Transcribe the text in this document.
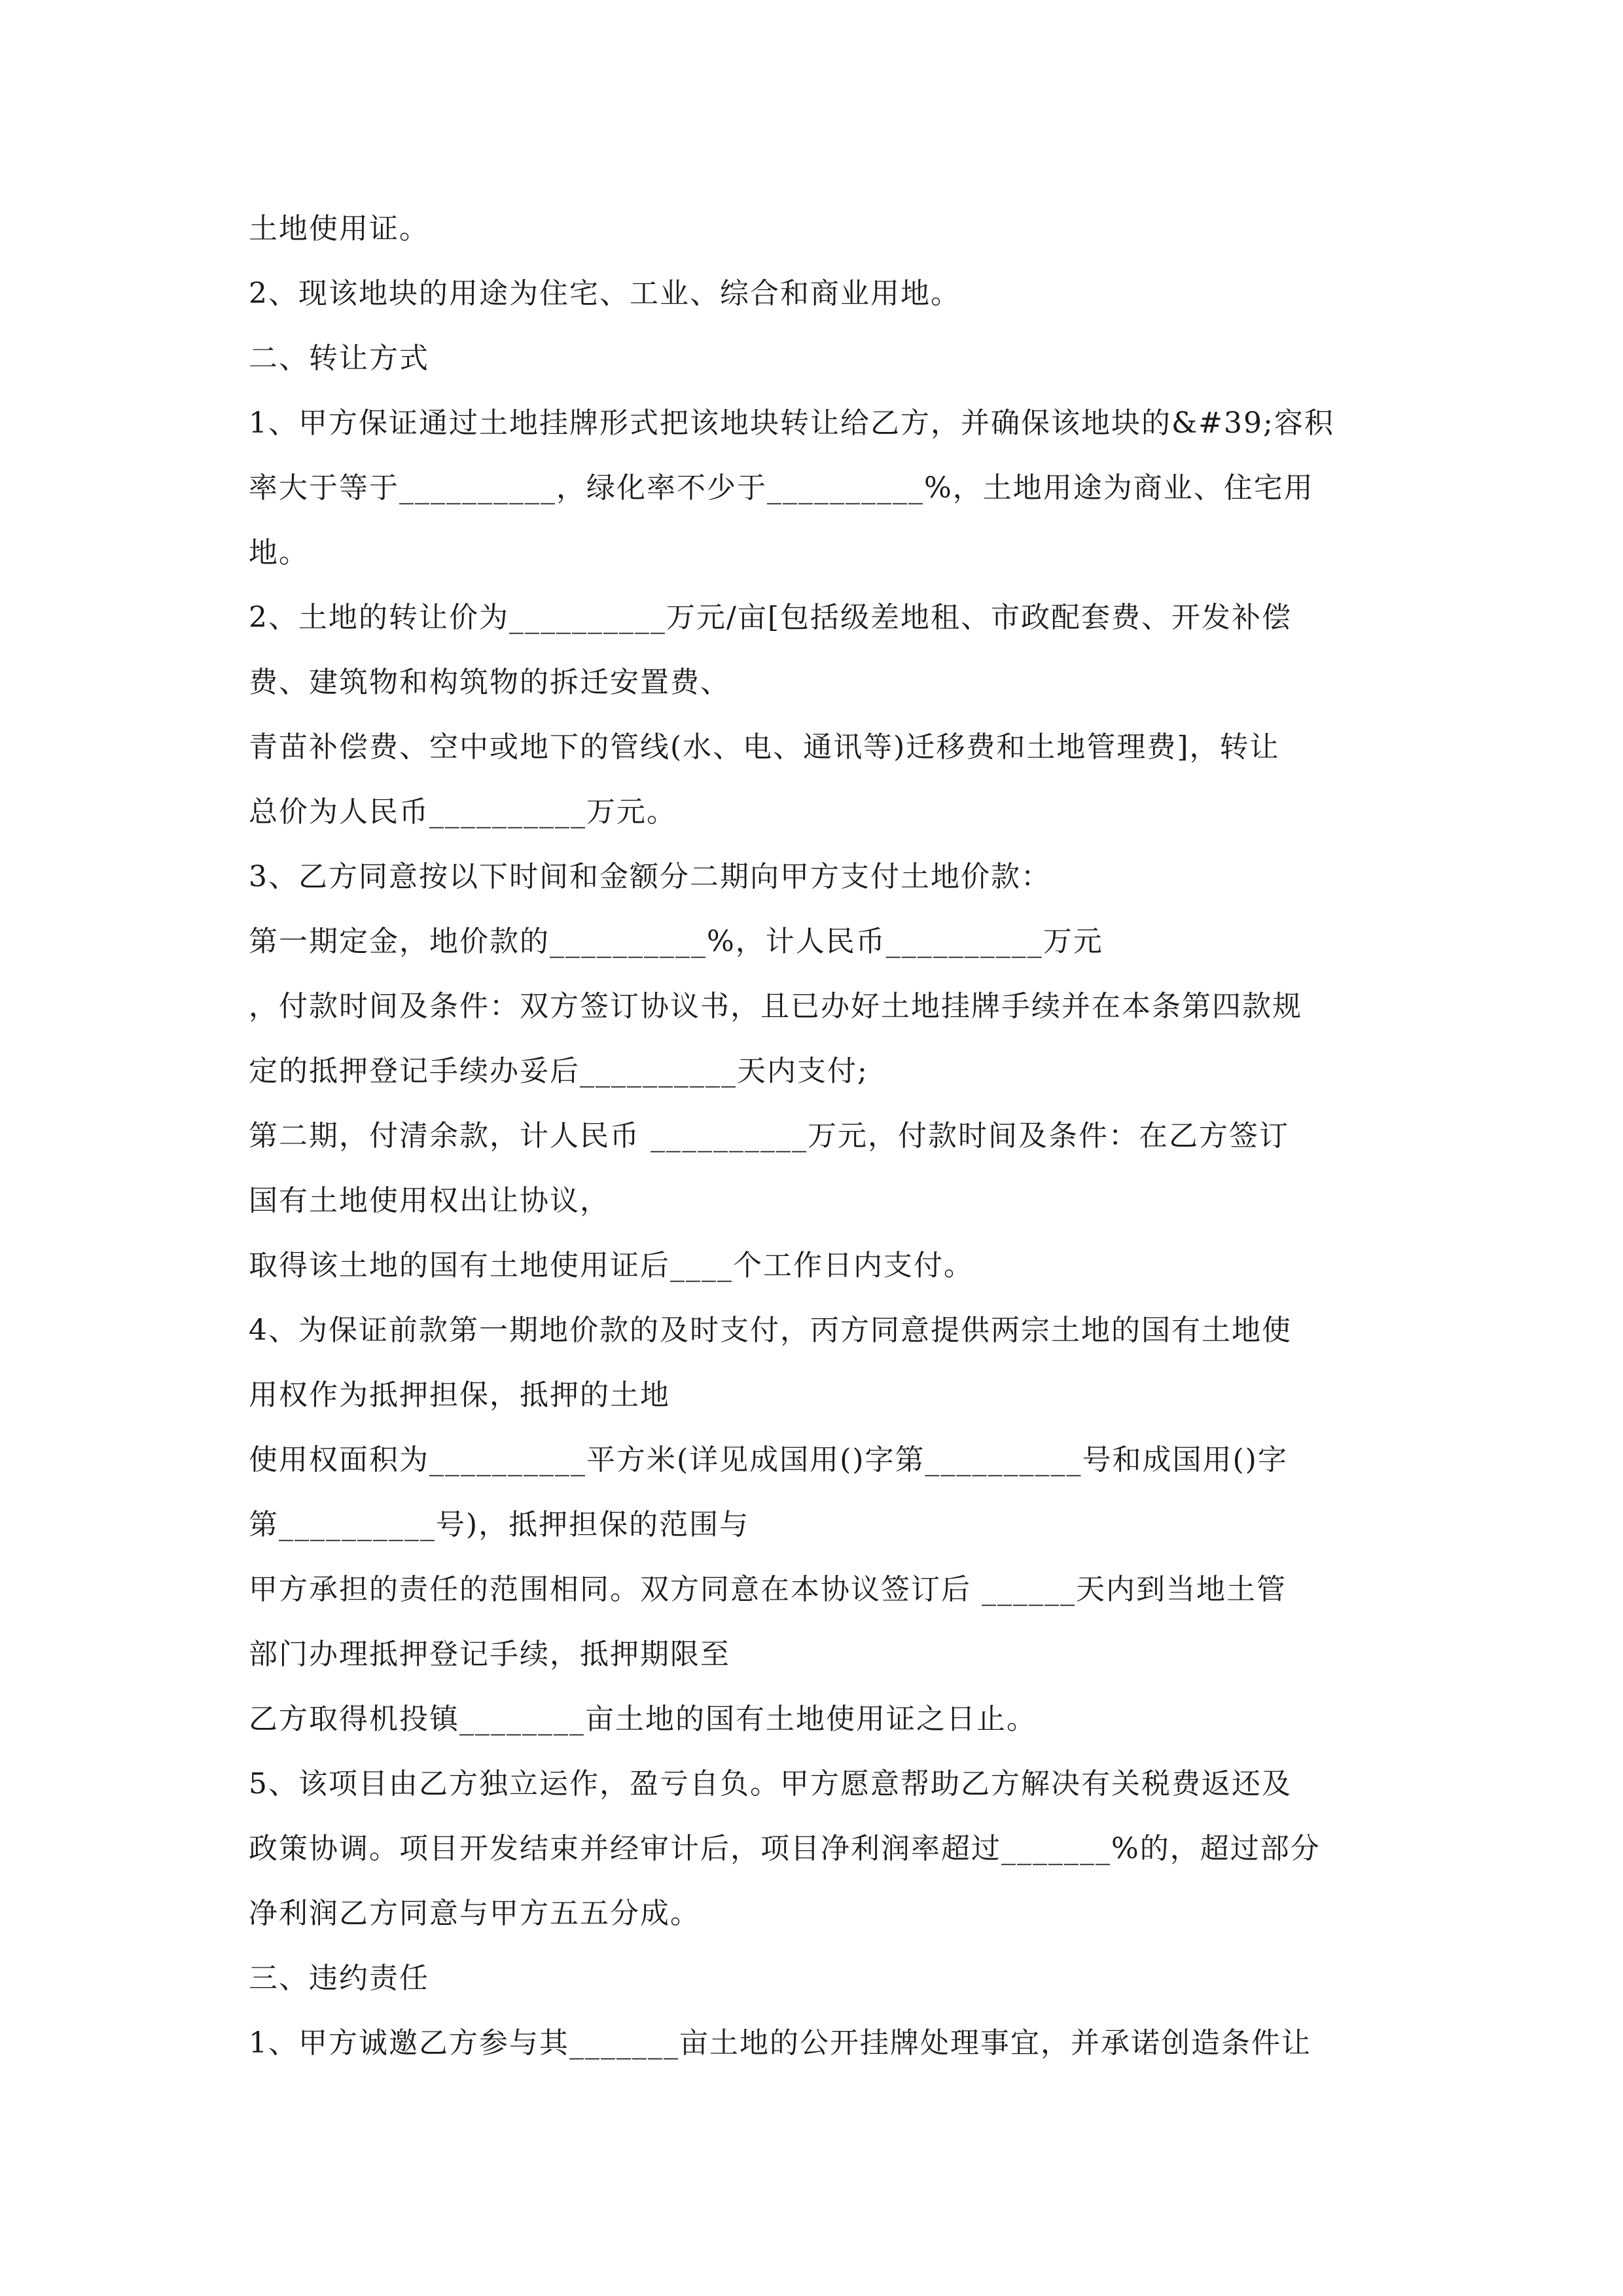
土地使用证。
2、现该地块的用途为住宅、工业、综合和商业用地。
二、转让方式
1、甲方保证通过土地挂牌形式把该地块转让给乙方，并确保该地块的&#39;容积
率大于等于__________，绿化率不少于__________%，土地用途为商业、住宅用
地。
2、土地的转让价为__________万元/亩[包括级差地租、市政配套费、开发补偿
费、建筑物和构筑物的拆迁安置费、
青苗补偿费、空中或地下的管线(水、电、通讯等)迁移费和土地管理费]，转让
总价为人民币__________万元。
3、乙方同意按以下时间和金额分二期向甲方支付土地价款：
第一期定金，地价款的__________%，计人民币__________万元
，付款时间及条件：双方签订协议书，且已办好土地挂牌手续并在本条第四款规
定的抵押登记手续办妥后__________天内支付;
第二期，付清余款，计人民币 __________万元，付款时间及条件：在乙方签订
国有土地使用权出让协议，
取得该土地的国有土地使用证后____个工作日内支付。
4、为保证前款第一期地价款的及时支付，丙方同意提供两宗土地的国有土地使
用权作为抵押担保，抵押的土地
使用权面积为__________平方米(详见成国用()字第__________号和成国用()字
第__________号)，抵押担保的范围与
甲方承担的责任的范围相同。双方同意在本协议签订后 ______天内到当地土管
部门办理抵押登记手续，抵押期限至
乙方取得机投镇________亩土地的国有土地使用证之日止。
5、该项目由乙方独立运作，盈亏自负。甲方愿意帮助乙方解决有关税费返还及
政策协调。项目开发结束并经审计后，项目净利润率超过_______%的，超过部分
净利润乙方同意与甲方五五分成。
三、违约责任
1、甲方诚邀乙方参与其_______亩土地的公开挂牌处理事宜，并承诺创造条件让
